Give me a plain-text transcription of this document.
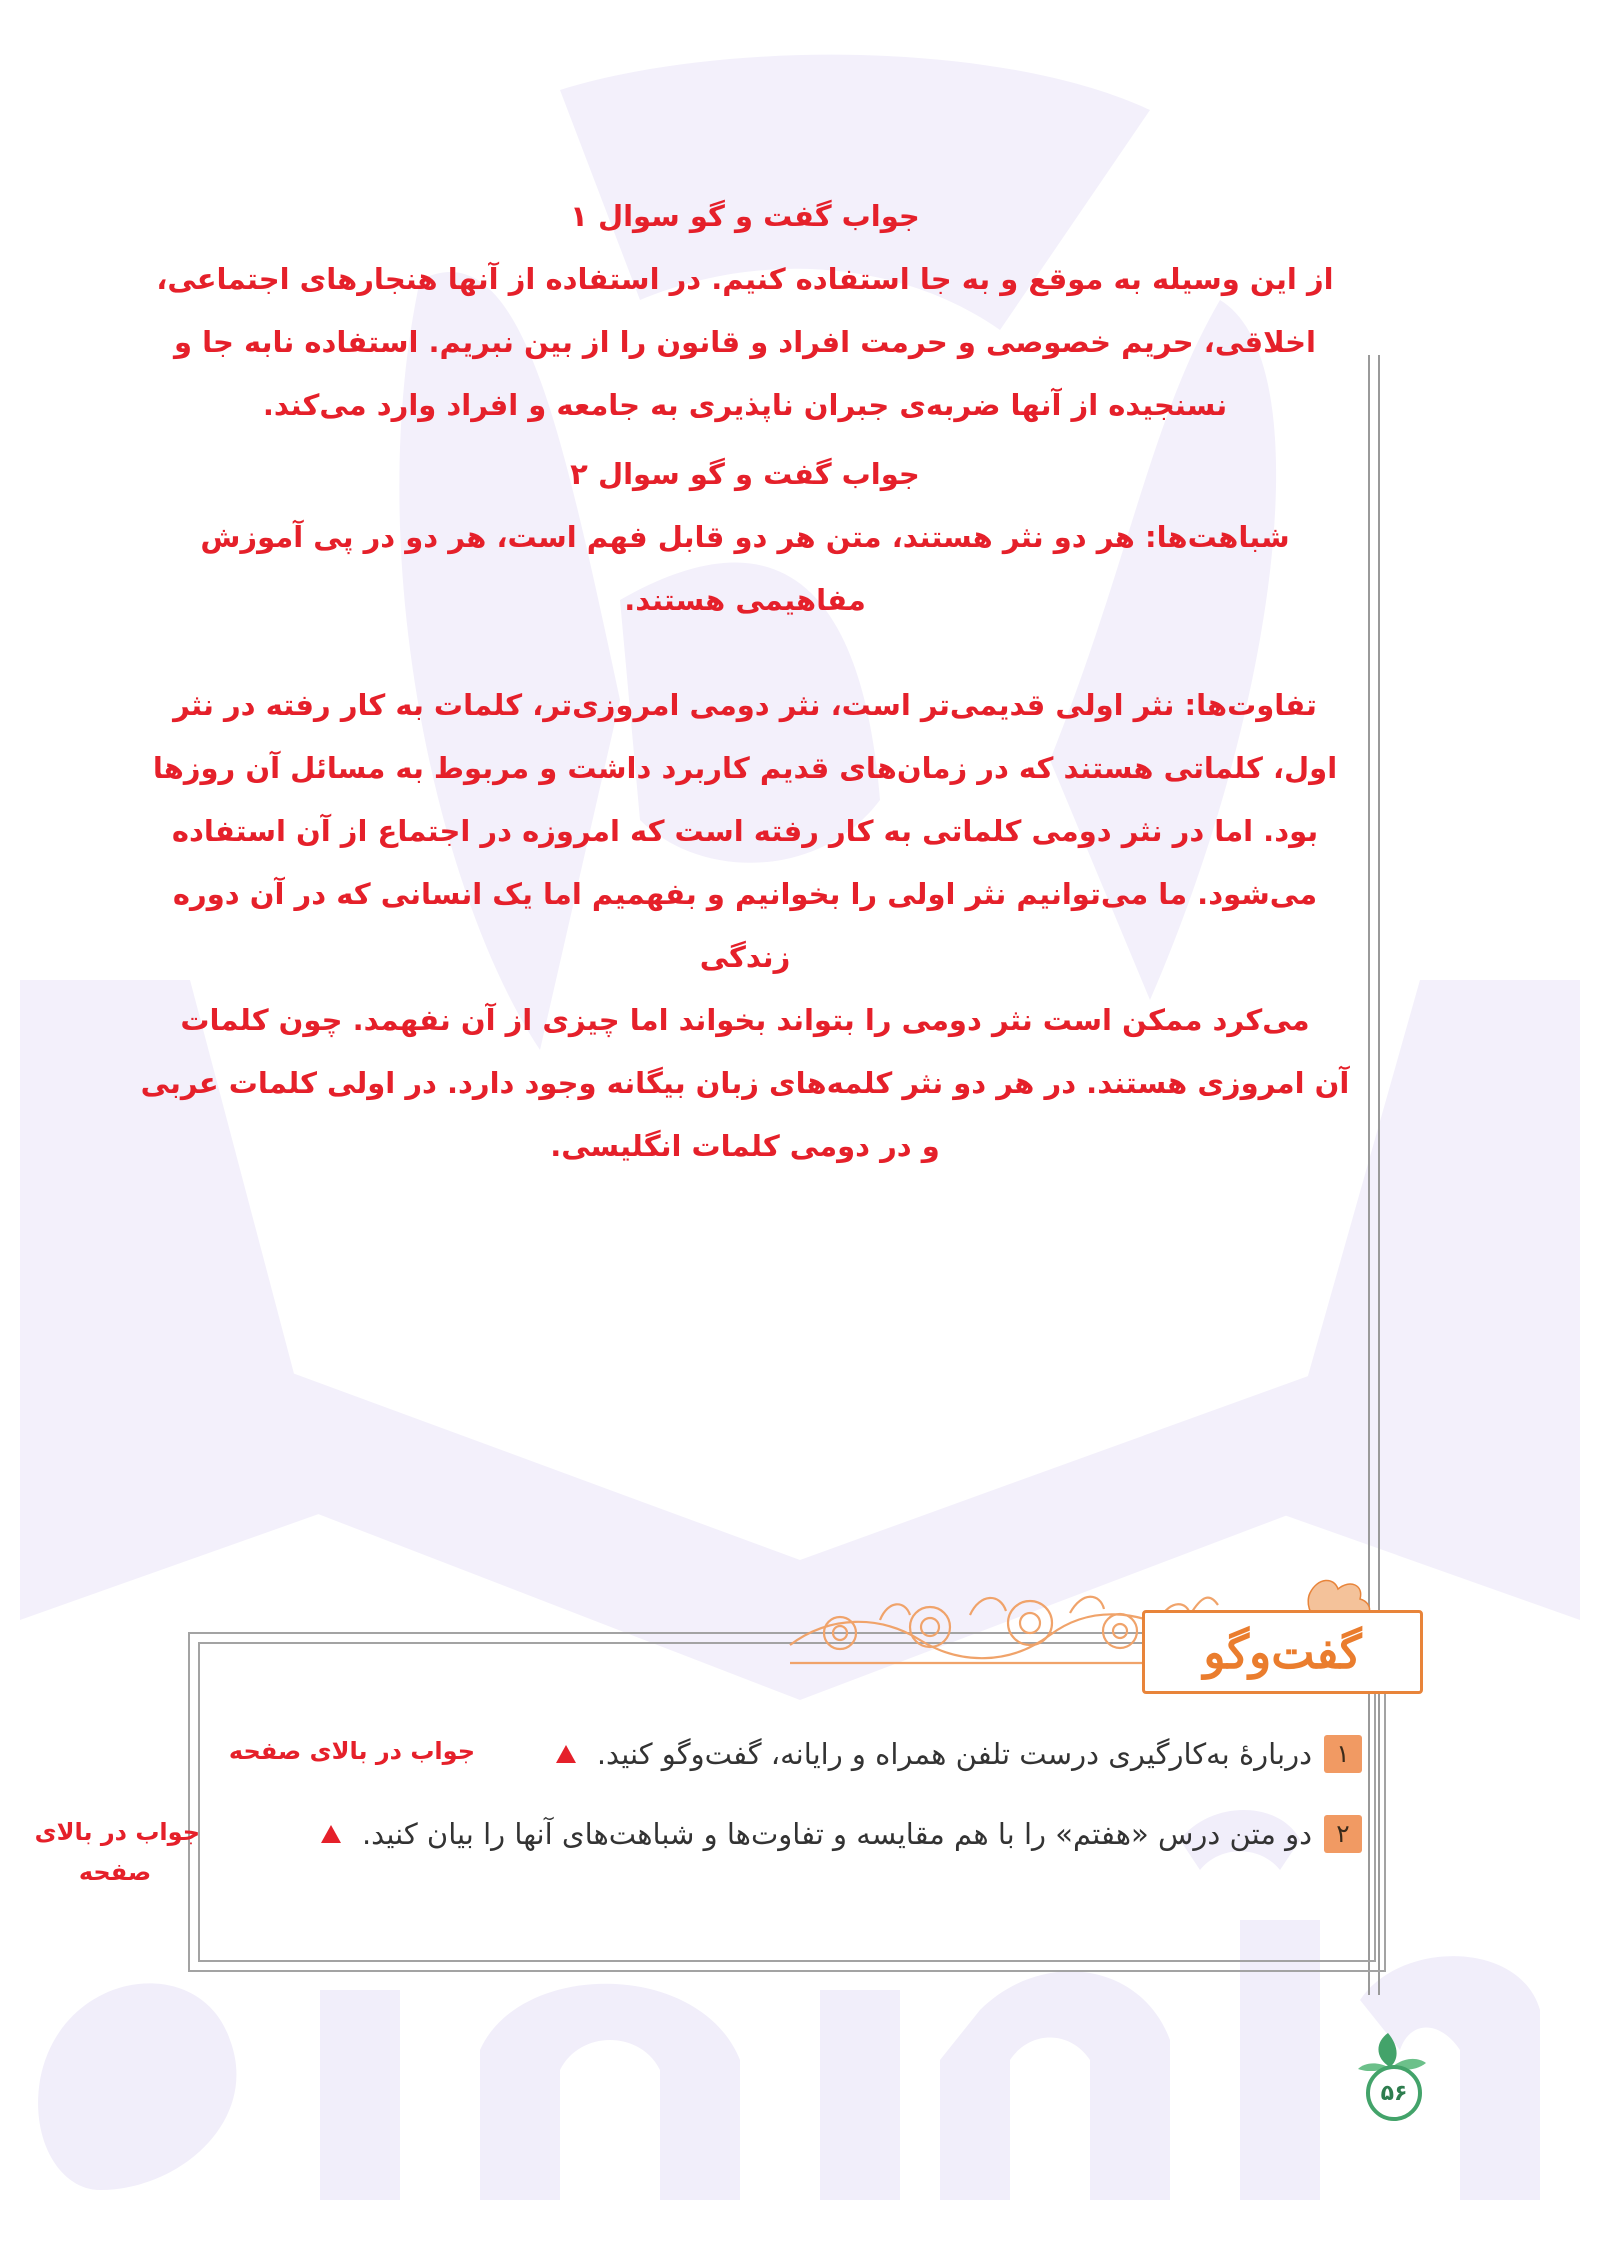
جواب گفت و گو سوال ۱

از این وسیله به موقع و به جا استفاده کنیم. در استفاده از آنها هنجارهای اجتماعی،

اخلاقی، حریم خصوصی و حرمت افراد و قانون را از بین نبریم. استفاده نابه جا و

نسنجیده از آنها ضربه‌ی جبران ناپذیری به جامعه و افراد وارد می‌کند.

جواب گفت و گو سوال ۲

شباهت‌ها: هر دو نثر هستند، متن هر دو قابل فهم است، هر دو در پی آموزش

مفاهیمی هستند.

تفاوت‌ها: نثر اولی قدیمی‌تر است، نثر دومی امروزی‌تر، کلمات به کار رفته در نثر

اول، کلماتی هستند که در زمان‌های قدیم کاربرد داشت و مربوط به مسائل آن روزها

بود. اما در نثر دومی کلماتی به کار رفته است که امروزه در اجتماع از آن استفاده

می‌شود. ما می‌توانیم نثر اولی را بخوانیم و بفهمیم اما یک انسانی که در آن دوره زندگی

می‌کرد ممکن است نثر دومی را بتواند بخواند اما چیزی از آن نفهمد. چون کلمات

آن امروزی هستند. در هر دو نثر کلمه‌های زبان بیگانه وجود دارد. در اولی کلمات عربی

و در دومی کلمات انگلیسی.

گفت‌وگو
۱
دربارهٔ به‌کارگیری درست تلفن همراه و رایانه، گفت‌وگو کنید.
جواب در بالای صفحه
۲
دو متن درس «هفتم» را با هم مقایسه و تفاوت‌ها و شباهت‌های آنها را بیان کنید.
جواب در بالای
صفحه
۵۶
